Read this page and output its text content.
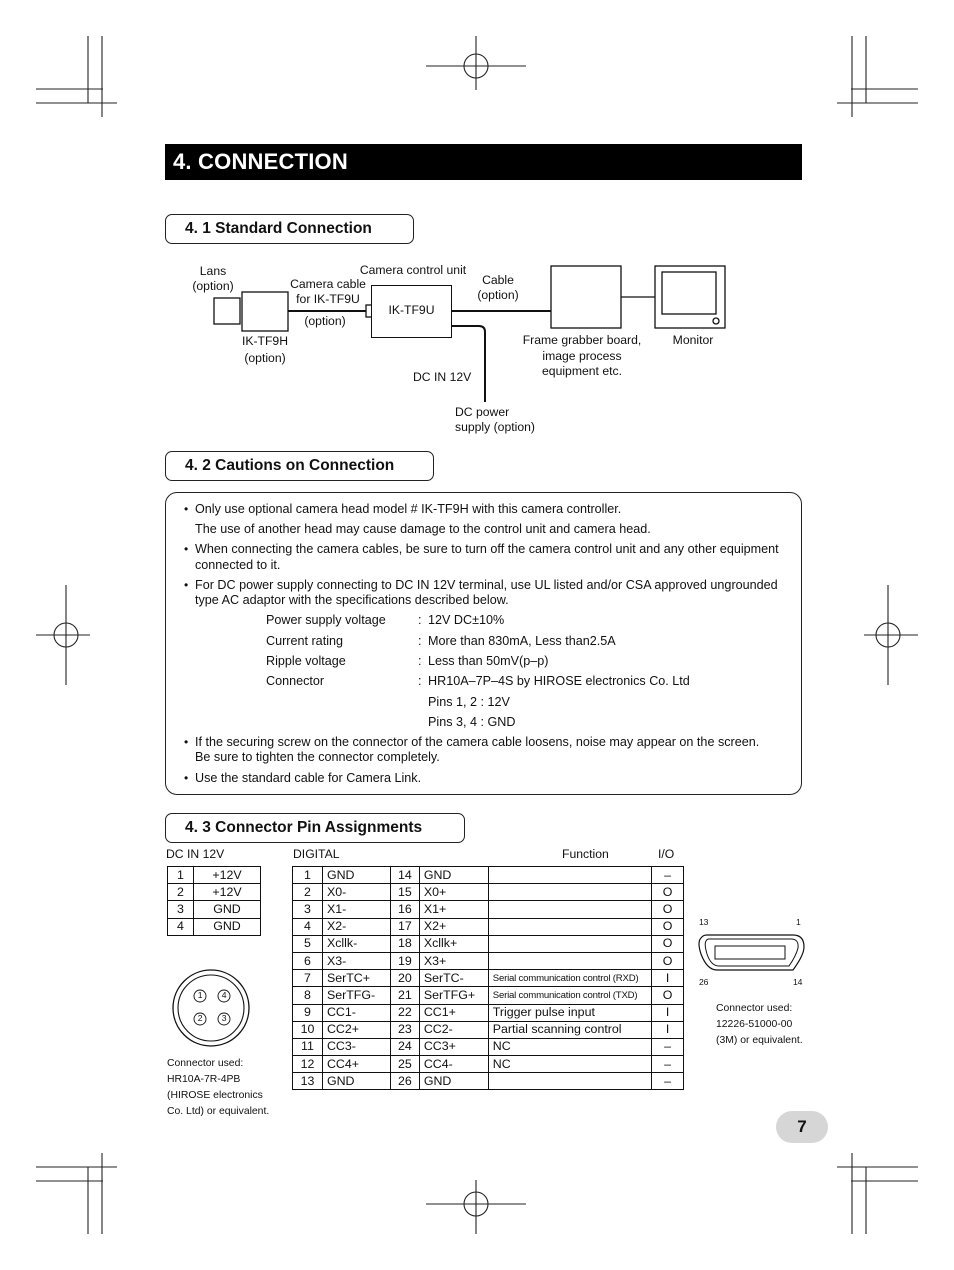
4. CONNECTION
4. 1 Standard Connection
IK-TF9U
Lans
(option)	Camera cable
for IK-TF9U
(option)
Camera control unit
Cable
(option)
IK-TF9H
(option)
Frame grabber board,
image process
equipment etc.
Monitor
DC IN 12V
DC power
supply (option)
4. 2 Cautions on Connection
• Only use optional camera head model # IK-TF9H with this camera controller.
The use of another head may cause damage to the control unit and camera head.
• When connecting the camera cables, be sure to turn off the camera control unit and any other equipment
connected to it.
• For DC power supply connecting to DC IN 12V terminal, use UL listed and/or CSA approved ungrounded
type AC adaptor with the specifications described below.
Power supply voltage	: 12V DC±10%
Current rating	: More than 830mA, Less than2.5A
Ripple voltage	: Less than 50mV(p–p)
Connector	: HR10A–7P–4S by HIROSE electronics Co. Ltd
Pins 1, 2 : 12V
Pins 3, 4 : GND
• If the securing screw on the connector of the camera cable loosens, noise may appear on the screen.
Be sure to tighten the connector completely.
• Use the standard cable for Camera Link.
4. 3 Connector Pin Assignments
DC IN 12V
1	+12V
2	+12V
3	GND
4	GND
1 4
2 3
Connector used:
HR10A-7R-4PB
(HIROSE electronics
Co. Ltd) or equivalent.
DIGITAL	Function	I/O
1	GND	14	GND		–
2	X0-	15	X0+		O
3	X1-	16	X1+		O
4	X2-	17	X2+		O
5	Xcllk-	18	Xcllk+		O
6	X3-	19	X3+		O
7	SerTC+	20	SerTC-	Serial communication control (RXD)	I
8	SerTFG-	21	SerTFG+	Serial communication control (TXD)	O
9	CC1-	22	CC1+	Trigger pulse input	I
10	CC2+	23	CC2-	Partial scanning control	I
11	CC3-	24	CC3+	NC	–
12	CC4+	25	CC4-	NC	–
13	GND	26	GND		–
13	1
26	14
Connector used:
12226-51000-00
(3M) or equivalent.
7
